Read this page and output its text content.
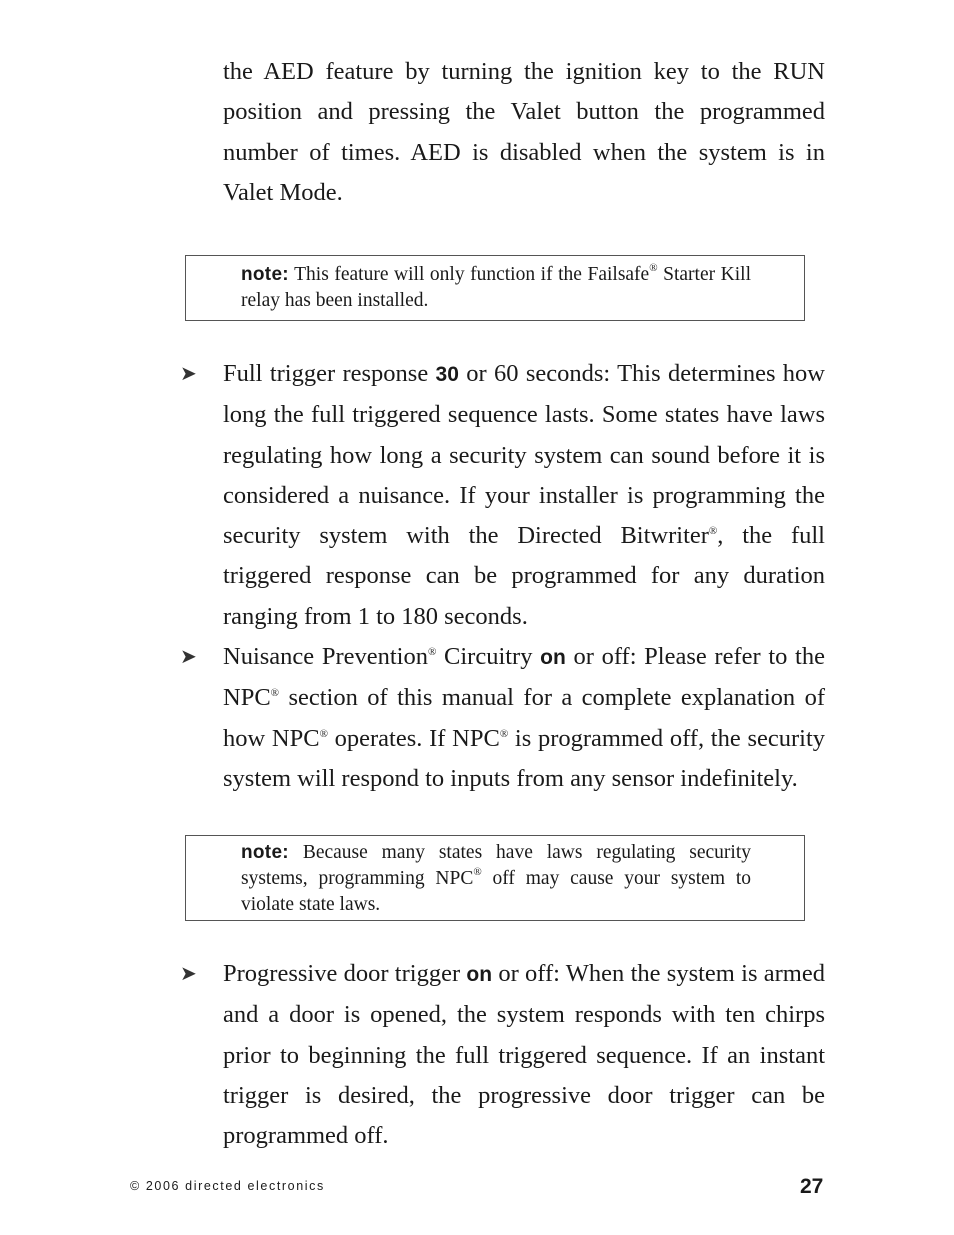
the AED feature by turning the ignition key to the RUN position and pressing the Valet button the programmed number of times. AED is disabled when the system is in Valet Mode.
note: This feature will only function if the Failsafe® Starter Kill relay has been installed.
➤ Full trigger response 30 or 60 seconds: This determines how long the full triggered sequence lasts. Some states have laws regulating how long a security system can sound before it is considered a nuisance. If your installer is programming the security system with the Directed Bitwriter®, the full triggered response can be programmed for any duration ranging from 1 to 180 seconds.
➤ Nuisance Prevention® Circuitry on or off: Please refer to the NPC® section of this manual for a complete explanation of how NPC® operates. If NPC® is programmed off, the security system will respond to inputs from any sensor indefinitely.
note: Because many states have laws regulating security systems, programming NPC® off may cause your system to violate state laws.
➤ Progressive door trigger on or off: When the system is armed and a door is opened, the system responds with ten chirps prior to beginning the full triggered sequence. If an instant trigger is desired, the progressive door trigger can be programmed off.
© 2006 directed electronics	27
